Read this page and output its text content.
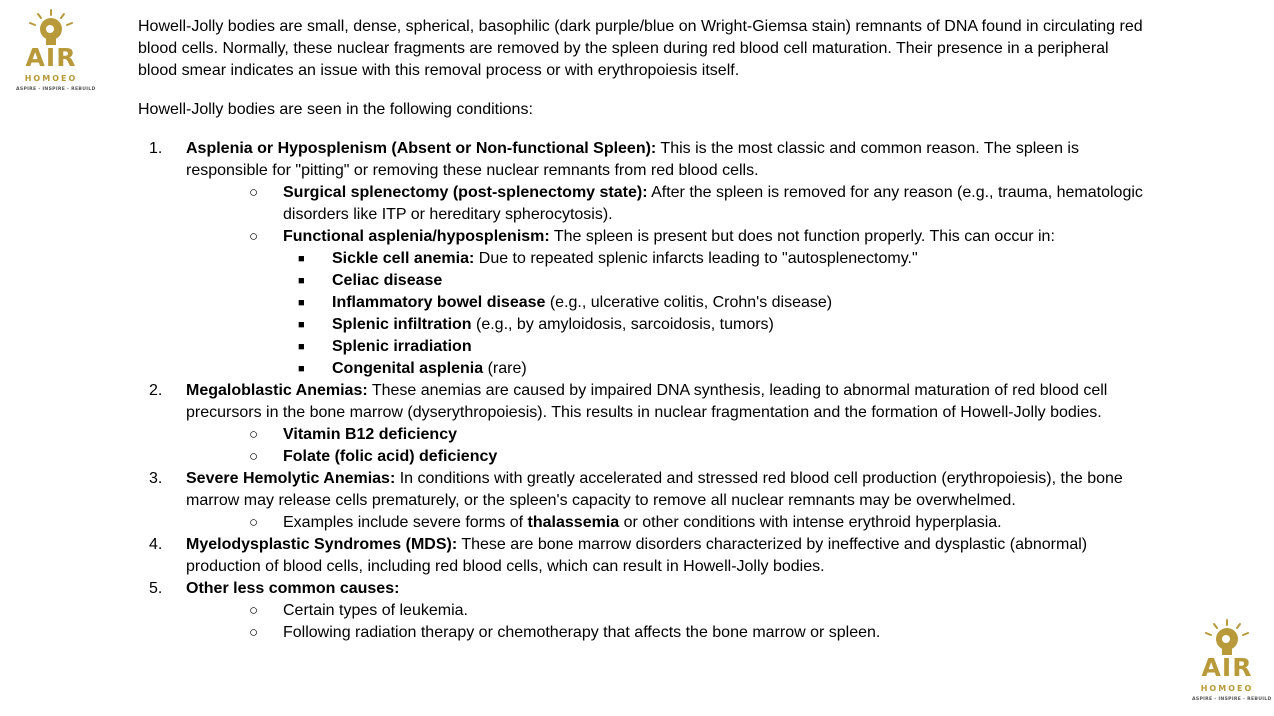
AIR
HOMOEO
ASPIRE - INSPIRE - REBUILD
AIR
HOMOEO
ASPIRE - INSPIRE - REBUILD

Howell-Jolly bodies are small, dense, spherical, basophilic (dark purple/blue on Wright-Giemsa stain) remnants of DNA found in circulating red blood cells. Normally, these nuclear fragments are removed by the spleen during red blood cell maturation. Their presence in a peripheral blood smear indicates an issue with this removal process or with erythropoiesis itself.

Howell-Jolly bodies are seen in the following conditions:

1. Asplenia or Hyposplenism (Absent or Non-functional Spleen): This is the most classic and common reason. The spleen is responsible for "pitting" or removing these nuclear remnants from red blood cells.
○ Surgical splenectomy (post-splenectomy state): After the spleen is removed for any reason (e.g., trauma, hematologic disorders like ITP or hereditary spherocytosis).
○ Functional asplenia/hyposplenism: The spleen is present but does not function properly. This can occur in:
■ Sickle cell anemia: Due to repeated splenic infarcts leading to "autosplenectomy."
■ Celiac disease
■ Inflammatory bowel disease (e.g., ulcerative colitis, Crohn's disease)
■ Splenic infiltration (e.g., by amyloidosis, sarcoidosis, tumors)
■ Splenic irradiation
■ Congenital asplenia (rare)
2. Megaloblastic Anemias: These anemias are caused by impaired DNA synthesis, leading to abnormal maturation of red blood cell precursors in the bone marrow (dyserythropoiesis). This results in nuclear fragmentation and the formation of Howell-Jolly bodies.
○ Vitamin B12 deficiency
○ Folate (folic acid) deficiency
3. Severe Hemolytic Anemias: In conditions with greatly accelerated and stressed red blood cell production (erythropoiesis), the bone marrow may release cells prematurely, or the spleen's capacity to remove all nuclear remnants may be overwhelmed.
○ Examples include severe forms of thalassemia or other conditions with intense erythroid hyperplasia.
4. Myelodysplastic Syndromes (MDS): These are bone marrow disorders characterized by ineffective and dysplastic (abnormal) production of blood cells, including red blood cells, which can result in Howell-Jolly bodies.
5. Other less common causes:
○ Certain types of leukemia.
○ Following radiation therapy or chemotherapy that affects the bone marrow or spleen.
